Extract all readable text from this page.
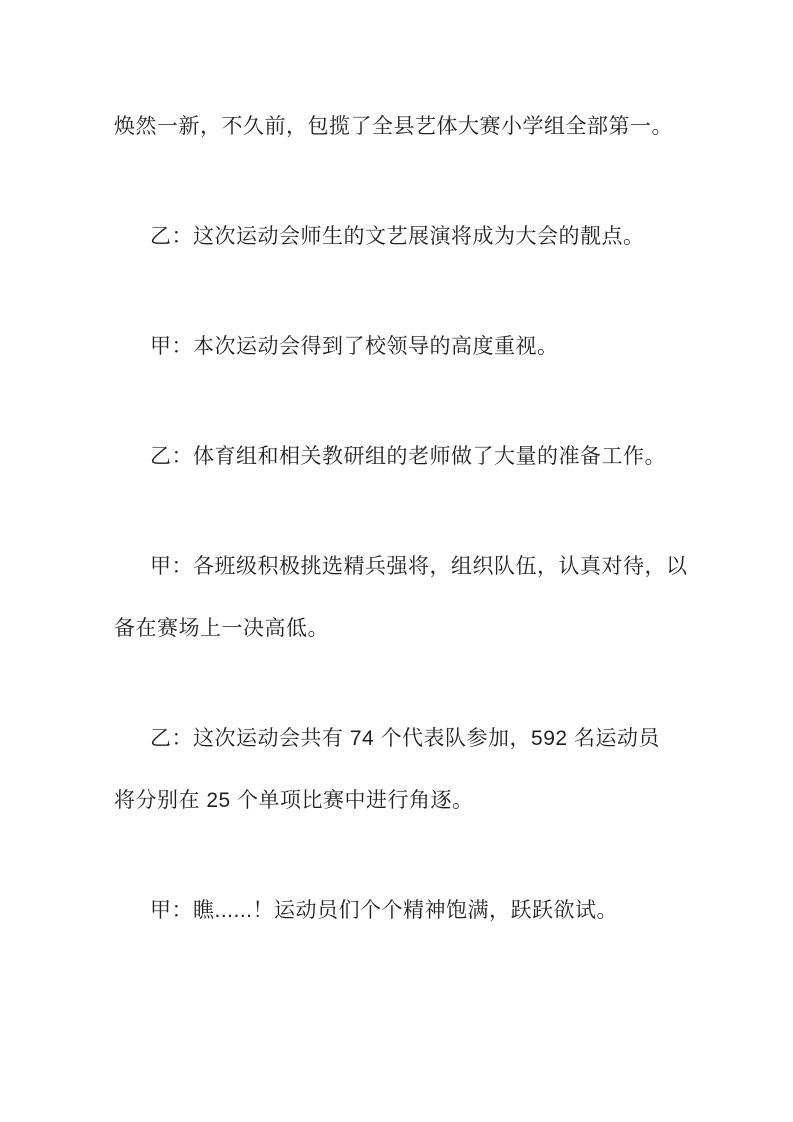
焕然一新，不久前，包揽了全县艺体大赛小学组全部第一。
乙：这次运动会师生的文艺展演将成为大会的靓点。
甲：本次运动会得到了校领导的高度重视。
乙：体育组和相关教研组的老师做了大量的准备工作。
甲：各班级积极挑选精兵强将，组织队伍，认真对待，以
备在赛场上一决高低。
乙：这次运动会共有 74 个代表队参加，592 名运动员
将分别在 25 个单项比赛中进行角逐。
甲：瞧......！运动员们个个精神饱满，跃跃欲试。
